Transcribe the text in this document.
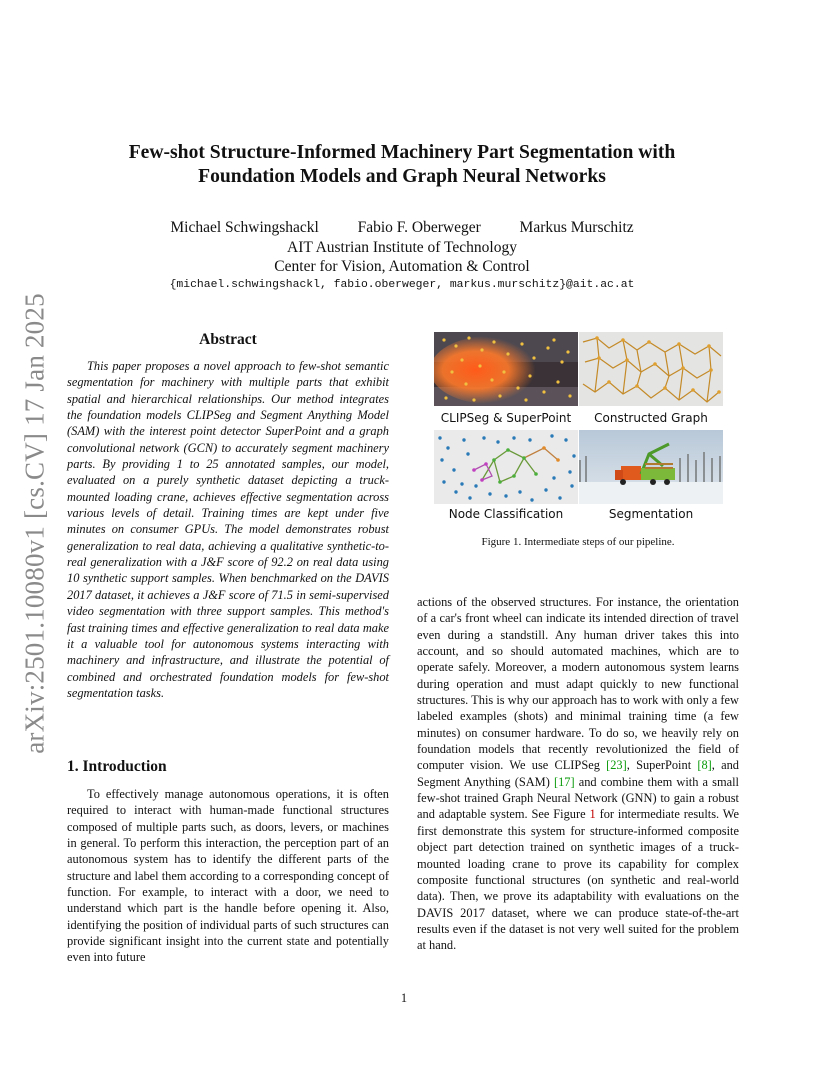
arXiv:2501.10080v1 [cs.CV] 17 Jan 2025
Few-shot Structure-Informed Machinery Part Segmentation with
Foundation Models and Graph Neural Networks
Michael Schwingshackl	Fabio F. Oberweger	Markus Murschitz
AIT Austrian Institute of Technology
Center for Vision, Automation & Control
{michael.schwingshackl, fabio.oberweger, markus.murschitz}@ait.ac.at
Abstract
This paper proposes a novel approach to few-shot semantic segmentation for machinery with multiple parts that exhibit spatial and hierarchical relationships. Our method integrates the foundation models CLIPSeg and Segment Anything Model (SAM) with the interest point detector SuperPoint and a graph convolutional network (GCN) to accurately segment machinery parts. By providing 1 to 25 annotated samples, our model, evaluated on a purely synthetic dataset depicting a truck-mounted loading crane, achieves effective segmentation across various levels of detail. Training times are kept under five minutes on consumer GPUs. The model demonstrates robust generalization to real data, achieving a qualitative synthetic-to-real generalization with a J&F score of 92.2 on real data using 10 synthetic support samples. When benchmarked on the DAVIS 2017 dataset, it achieves a J&F score of 71.5 in semi-supervised video segmentation with three support samples. This method's fast training times and effective generalization to real data make it a valuable tool for autonomous systems interacting with machinery and infrastructure, and illustrate the potential of combined and orchestrated foundation models for few-shot segmentation tasks.
1. Introduction
To effectively manage autonomous operations, it is often required to interact with human-made functional structures composed of multiple parts such, as doors, levers, or machines in general. To perform this interaction, the perception part of an autonomous system has to identify the different parts of the structure and label them according to a corresponding concept of function. For example, to interact with a door, we need to understand which part is the handle before opening it. Also, identifying the position of individual parts of such structures can provide significant insight into the current state and potentially even into future
CLIPSeg & SuperPoint	Constructed Graph
Node Classification	Segmentation
Figure 1. Intermediate steps of our pipeline.
actions of the observed structures. For instance, the orientation of a car's front wheel can indicate its intended direction of travel even during a standstill. Any human driver takes this into account, and so should automated machines, which are to operate safely. Moreover, a modern autonomous system learns during operation and must adapt quickly to new functional structures. This is why our approach has to work with only a few labeled examples (shots) and minimal training time (a few minutes) on consumer hardware. To do so, we heavily rely on foundation models that recently revolutionized the field of computer vision. We use CLIPSeg [23], SuperPoint [8], and Segment Anything (SAM) [17] and combine them with a small few-shot trained Graph Neural Network (GNN) to gain a robust and adaptable system. See Figure 1 for intermediate results. We first demonstrate this system for structure-informed composite object part detection trained on synthetic images of a truck-mounted loading crane to prove its capability for complex composite functional structures (on synthetic and real-world data). Then, we prove its adaptability with evaluations on the DAVIS 2017 dataset, where we can produce state-of-the-art results even if the dataset is not very well suited for the problem at hand.
1
